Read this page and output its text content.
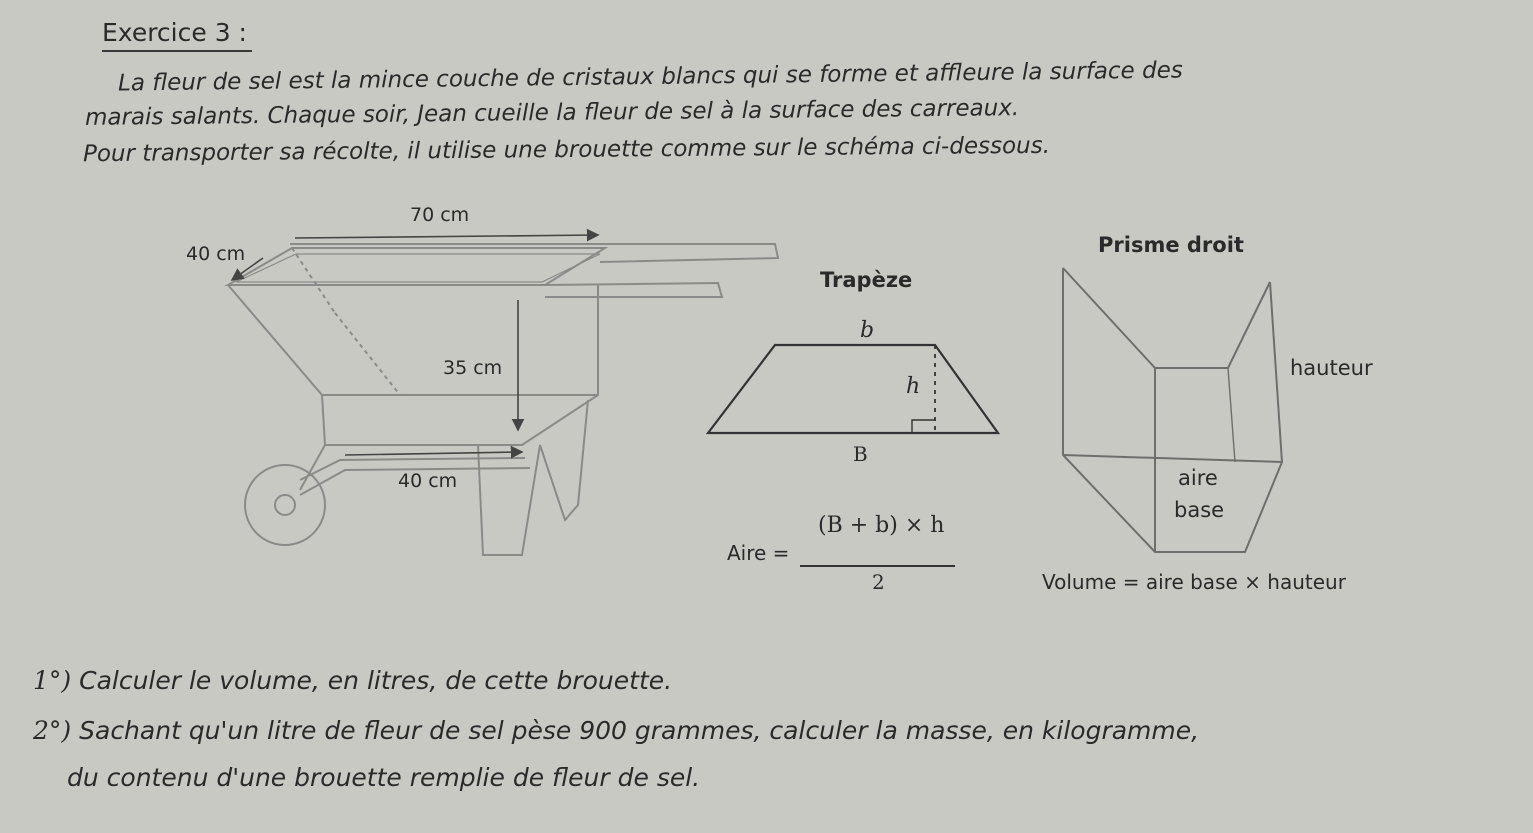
Exercice 3 :
La fleur de sel est la mince couche de cristaux blancs qui se forme et affleure la surface des
marais salants. Chaque soir, Jean cueille la fleur de sel à la surface des carreaux.
Pour transporter sa récolte, il utilise une brouette comme sur le schéma ci-dessous.
70 cm
40 cm
35 cm
40 cm
Trapèze
b
h
B
Aire =
(B + b) × h
2
Prisme droit
hauteur
aire
base
Volume = aire base × hauteur
1°) Calculer le volume, en litres, de cette brouette.
2°) Sachant qu'un litre de fleur de sel pèse 900 grammes, calculer la masse, en kilogramme,
du contenu d'une brouette remplie de fleur de sel.
